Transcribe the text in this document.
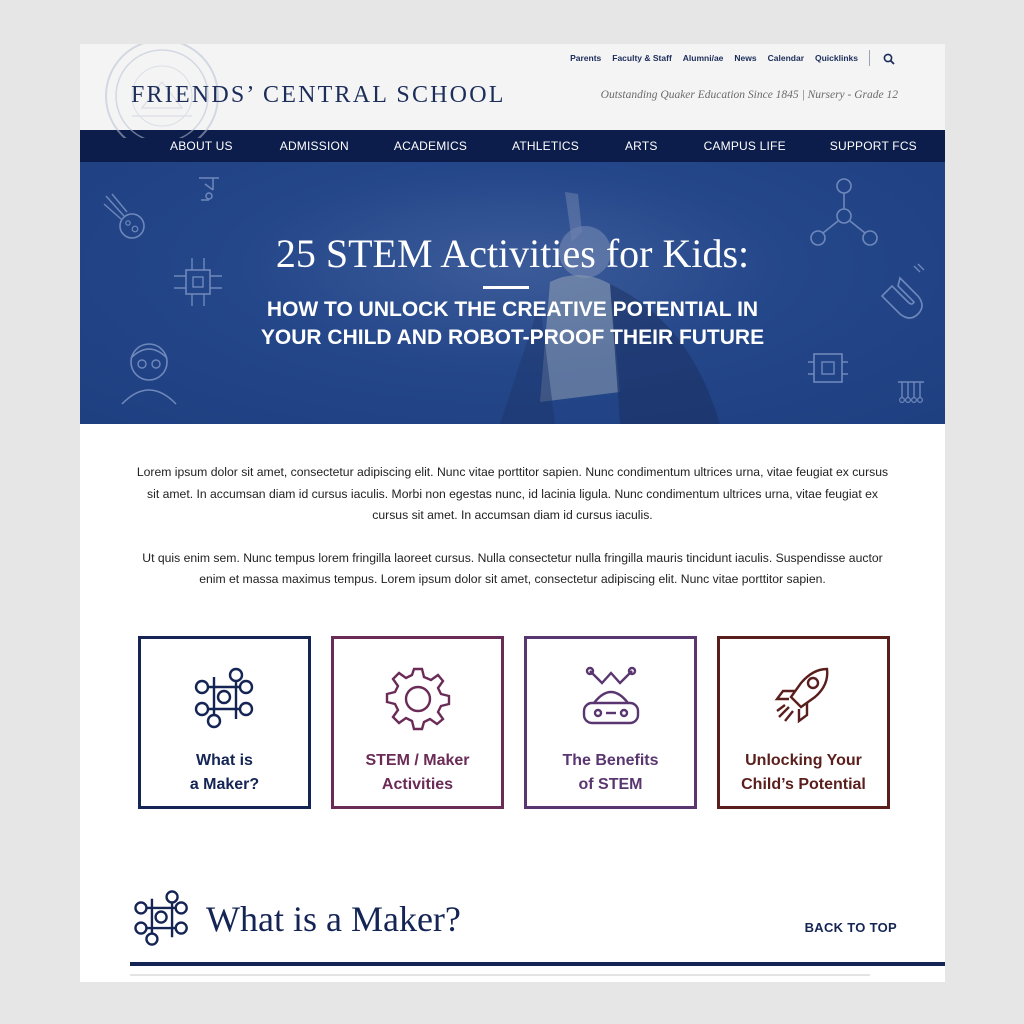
FRIENDS’ CENTRAL SCHOOL	Outstanding Quaker Education Since 1845 | Nursery - Grade 12
Parents Faculty & Staff Alumni/ae News Calendar Quicklinks
ABOUT US	ADMISSION	ACADEMICS	ATHLETICS	ARTS	CAMPUS LIFE	SUPPORT FCS
25 STEM Activities for Kids:
HOW TO UNLOCK THE CREATIVE POTENTIAL IN
YOUR CHILD AND ROBOT-PROOF THEIR FUTURE

Lorem ipsum dolor sit amet, consectetur adipiscing elit. Nunc vitae porttitor sapien. Nunc condimentum ultrices urna, vitae feugiat ex cursus sit amet. In accumsan diam id cursus iaculis. Morbi non egestas nunc, id lacinia ligula. Nunc condimentum ultrices urna, vitae feugiat ex cursus sit amet. In accumsan diam id cursus iaculis.

Ut quis enim sem. Nunc tempus lorem fringilla laoreet cursus. Nulla consectetur nulla fringilla mauris tincidunt iaculis. Suspendisse auctor enim et massa maximus tempus. Lorem ipsum dolor sit amet, consectetur adipiscing elit. Nunc vitae porttitor sapien.

What is
a Maker?
STEM / Maker
Activities
The Benefits
of STEM
Unlocking Your
Child’s Potential
What is a Maker?	BACK TO TOP
